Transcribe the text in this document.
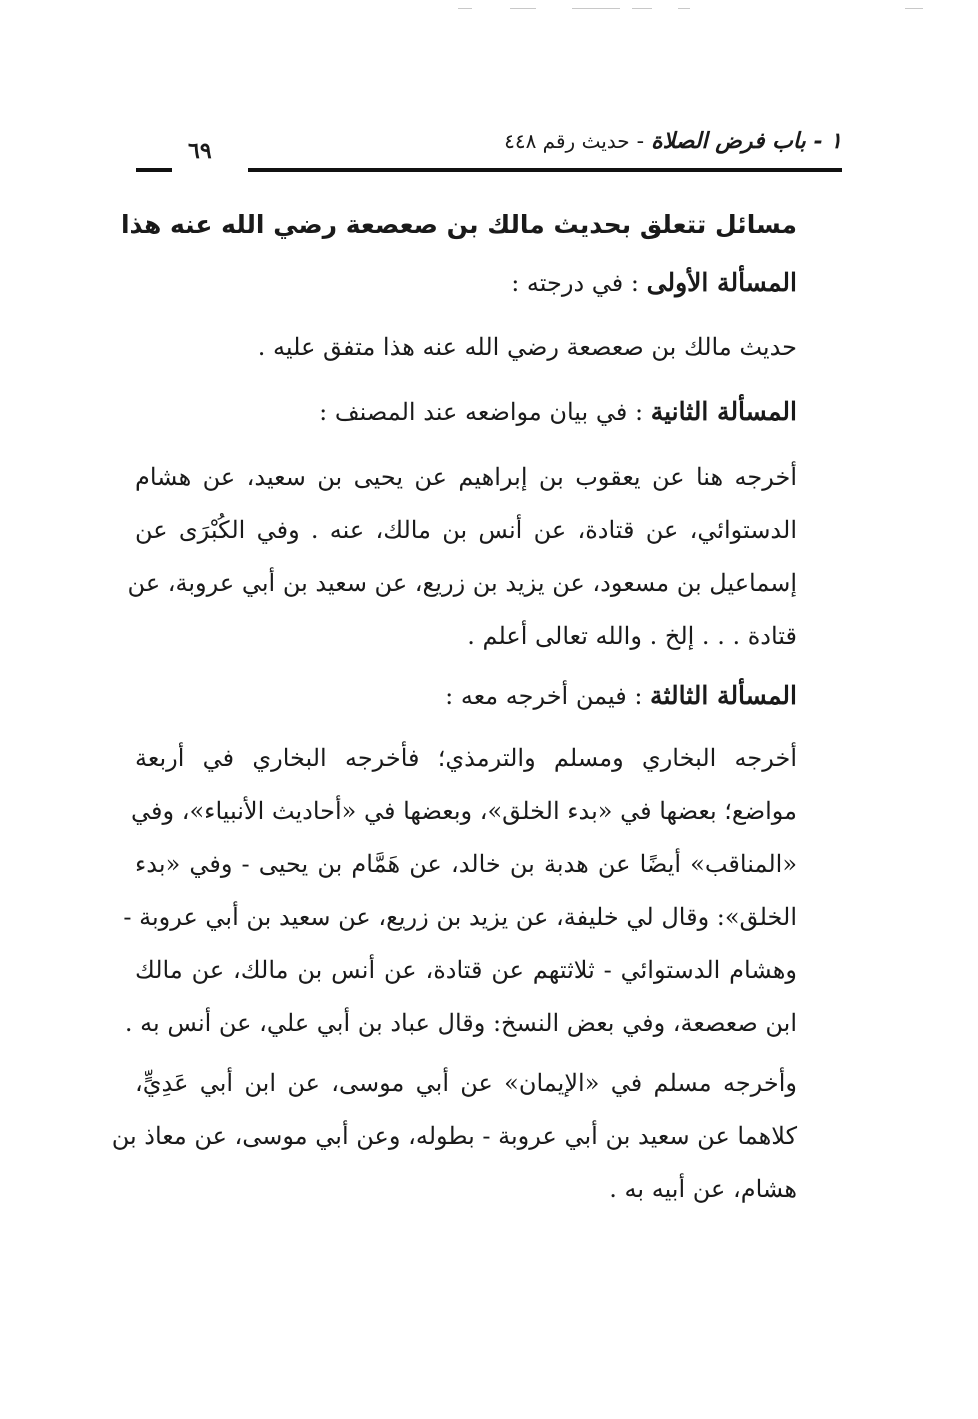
١ - باب فرض الصلاة - حديث رقم ٤٤٨
٦٩

مسائل تتعلق بحديث مالك بن صعصعة رضي الله عنه هذا

المسألة الأولى : في درجته :

حديث مالك بن صعصعة رضي الله عنه هذا متفق عليه .

المسألة الثانية : في بيان مواضعه عند المصنف :

أخرجه هنا عن يعقوب بن إبراهيم عن يحيى بن سعيد، عن هشام

الدستوائي، عن قتادة، عن أنس بن مالك، عنه . وفي الكُبْرَى عن

إسماعيل بن مسعود، عن يزيد بن زريع، عن سعيد بن أبي عروبة، عن

قتادة . . . إلخ . والله تعالى أعلم .

المسألة الثالثة : فيمن أخرجه معه :

أخرجه البخاري ومسلم والترمذي؛ فأخرجه البخاري في أربعة

مواضع؛ بعضها في «بدء الخلق»، وبعضها في «أحاديث الأنبياء»، وفي

«المناقب» أيضًا عن هدبة بن خالد، عن هَمَّام بن يحيى - وفي «بدء

الخلق»: وقال لي خليفة، عن يزيد بن زريع، عن سعيد بن أبي عروبة -

وهشام الدستوائي - ثلاثتهم عن قتادة، عن أنس بن مالك، عن مالك

ابن صعصعة، وفي بعض النسخ: وقال عباد بن أبي علي، عن أنس به .

وأخرجه مسلم في «الإيمان» عن أبي موسى، عن ابن أبي عَدِيٍّ،

كلاهما عن سعيد بن أبي عروبة - بطوله، وعن أبي موسى، عن معاذ بن

هشام، عن أبيه به .
